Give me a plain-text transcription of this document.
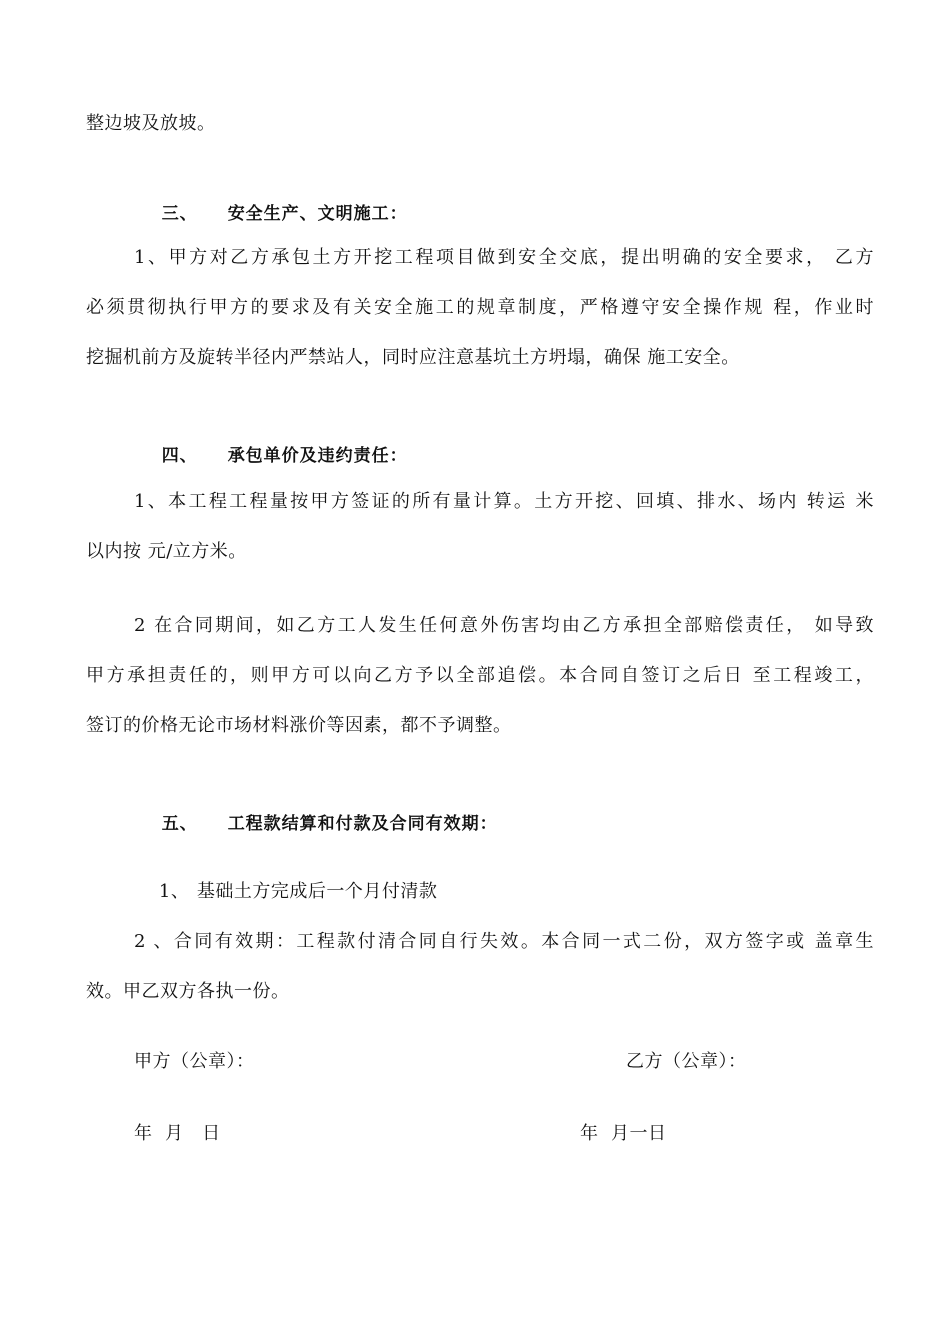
整边坡及放坡。

三、 安全生产、文明施工：

1、甲方对乙方承包土方开挖工程项目做到安全交底，提出明确的安全要求， 乙方
必须贯彻执行甲方的要求及有关安全施工的规章制度，严格遵守安全操作规 程，作业时
挖掘机前方及旋转半径内严禁站人，同时应注意基坑土方坍塌，确保 施工安全。

四、 承包单价及违约责任：

1、本工程工程量按甲方签证的所有量计算。土方开挖、回填、排水、场内 转运 米
以内按 元/立方米。
2 在合同期间，如乙方工人发生任何意外伤害均由乙方承担全部赔偿责任， 如导致
甲方承担责任的，则甲方可以向乙方予以全部追偿。本合同自签订之后日 至工程竣工，
签订的价格无论市场材料涨价等因素，都不予调整。

五、 工程款结算和付款及合同有效期：

1、 基础土方完成后一个月付清款

2、合同有效期：工程款付清合同自行失效。本合同一式二份，双方签字或 盖章生
效。甲乙双方各执一份。
甲方（公章）：	乙方（公章）：
年  月   日	年  月一日
